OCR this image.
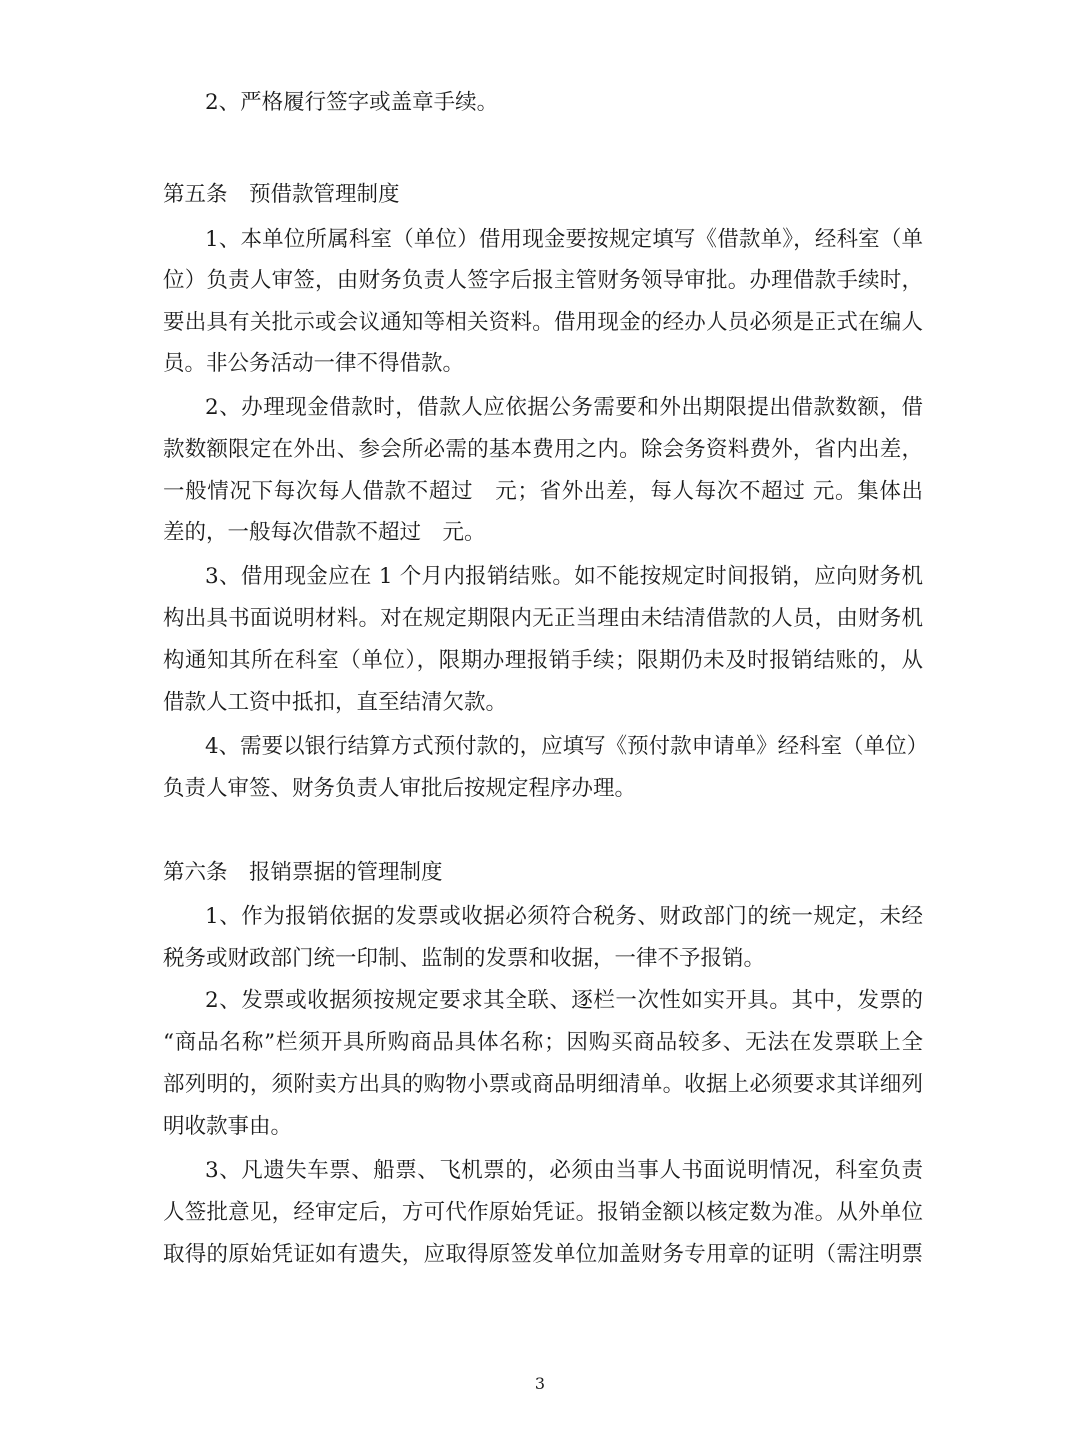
2、严格履行签字或盖章手续。
第五条　预借款管理制度
1、本单位所属科室（单位）借用现金要按规定填写《借款单》，经科室（单
位）负责人审签，由财务负责人签字后报主管财务领导审批。办理借款手续时，
要出具有关批示或会议通知等相关资料。借用现金的经办人员必须是正式在编人
员。非公务活动一律不得借款。
2、办理现金借款时，借款人应依据公务需要和外出期限提出借款数额，借
款数额限定在外出、参会所必需的基本费用之内。除会务资料费外，省内出差，
一般情况下每次每人借款不超过　元；省外出差，每人每次不超过 元。集体出
差的，一般每次借款不超过　元。
3、借用现金应在 1 个月内报销结账。如不能按规定时间报销，应向财务机
构出具书面说明材料。对在规定期限内无正当理由未结清借款的人员，由财务机
构通知其所在科室（单位），限期办理报销手续；限期仍未及时报销结账的，从
借款人工资中抵扣，直至结清欠款。
4、需要以银行结算方式预付款的，应填写《预付款申请单》经科室（单位）
负责人审签、财务负责人审批后按规定程序办理。
第六条　报销票据的管理制度
1、作为报销依据的发票或收据必须符合税务、财政部门的统一规定，未经
税务或财政部门统一印制、监制的发票和收据，一律不予报销。
2、发票或收据须按规定要求其全联、逐栏一次性如实开具。其中，发票的
“商品名称”栏须开具所购商品具体名称；因购买商品较多、无法在发票联上全
部列明的，须附卖方出具的购物小票或商品明细清单。收据上必须要求其详细列
明收款事由。
3、凡遗失车票、船票、飞机票的，必须由当事人书面说明情况，科室负责
人签批意见，经审定后，方可代作原始凭证。报销金额以核定数为准。从外单位
取得的原始凭证如有遗失，应取得原签发单位加盖财务专用章的证明（需注明票
3
